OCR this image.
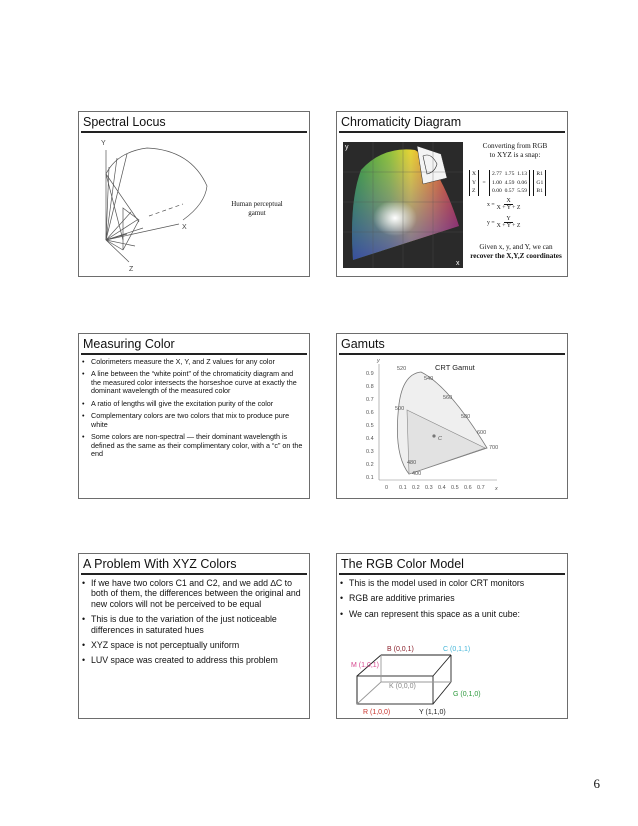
Spectral Locus
Y
X
Z
Human perceptual
gamut
Chromaticity Diagram
y
x
Converting from RGB
to XYZ is a snap:
X
Y
Z
=
2.77 1.75 1.13
1.00 4.59 0.06
0.00 0.57 5.59

R1
G1
B1
$x = \frac{X}{X + Y + Z}$
$y = \frac{Y}{X + Y + Z}$
Given x, y, and Y, we can
recover the X,Y,Z coordinates
Measuring Color
• Colorimeters measure the X, Y, and Z values for any color
• A line between the “white point” of the chromaticity diagram and the measured color intersects the horseshoe curve at exactly the dominant wavelength of the measured color
• A ratio of lengths will give the excitation purity of the color
• Complementary colors are two colors that mix to produce pure white
• Some colors are non-spectral — their dominant wavelength is defined as the same as their complimentary color, with a “c” on the end
Gamuts
0.9
0.8
0.7
0.6
0.5
0.4
0.3
0.2
0.1
0 0.1 0.2 0.3 0.4 0.5 0.6 0.7
520
540
560
580
600
700
500
480
400
C
y
x
CRT Gamut
A Problem With XYZ Colors
• If we have two colors C1 and C2, and we add ∆C to both of them, the differences between the original and new colors will not be perceived to be equal
• This is due to the variation of the just noticeable differences in saturated hues
• XYZ space is not perceptually uniform
• LUV space was created to address this problem
The RGB Color Model
• This is the model used in color CRT monitors
• RGB are additive primaries
• We can represent this space as a unit cube:
B (0,0,1)	C (0,1,1)
M (1,0,1)
K (0,0,0)
G (0,1,0)
R (1,0,0)	Y (1,1,0)
6
